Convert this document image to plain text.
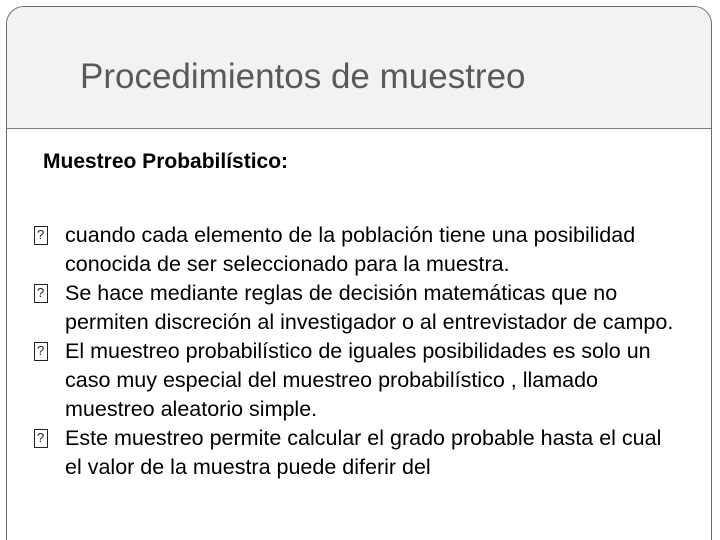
Procedimientos de muestreo

Muestreo Probabilístico:

?
cuando cada elemento de la población tiene una posibilidad conocida de ser seleccionado para la muestra.
?
Se hace mediante reglas de decisión matemáticas que no permiten discreción al investigador o al entrevistador de campo.
?
El muestreo probabilístico de iguales posibilidades es solo un caso muy especial del muestreo probabilístico , llamado muestreo aleatorio simple.
?
Este muestreo permite calcular el grado probable hasta el cual el valor de la muestra puede diferir del
